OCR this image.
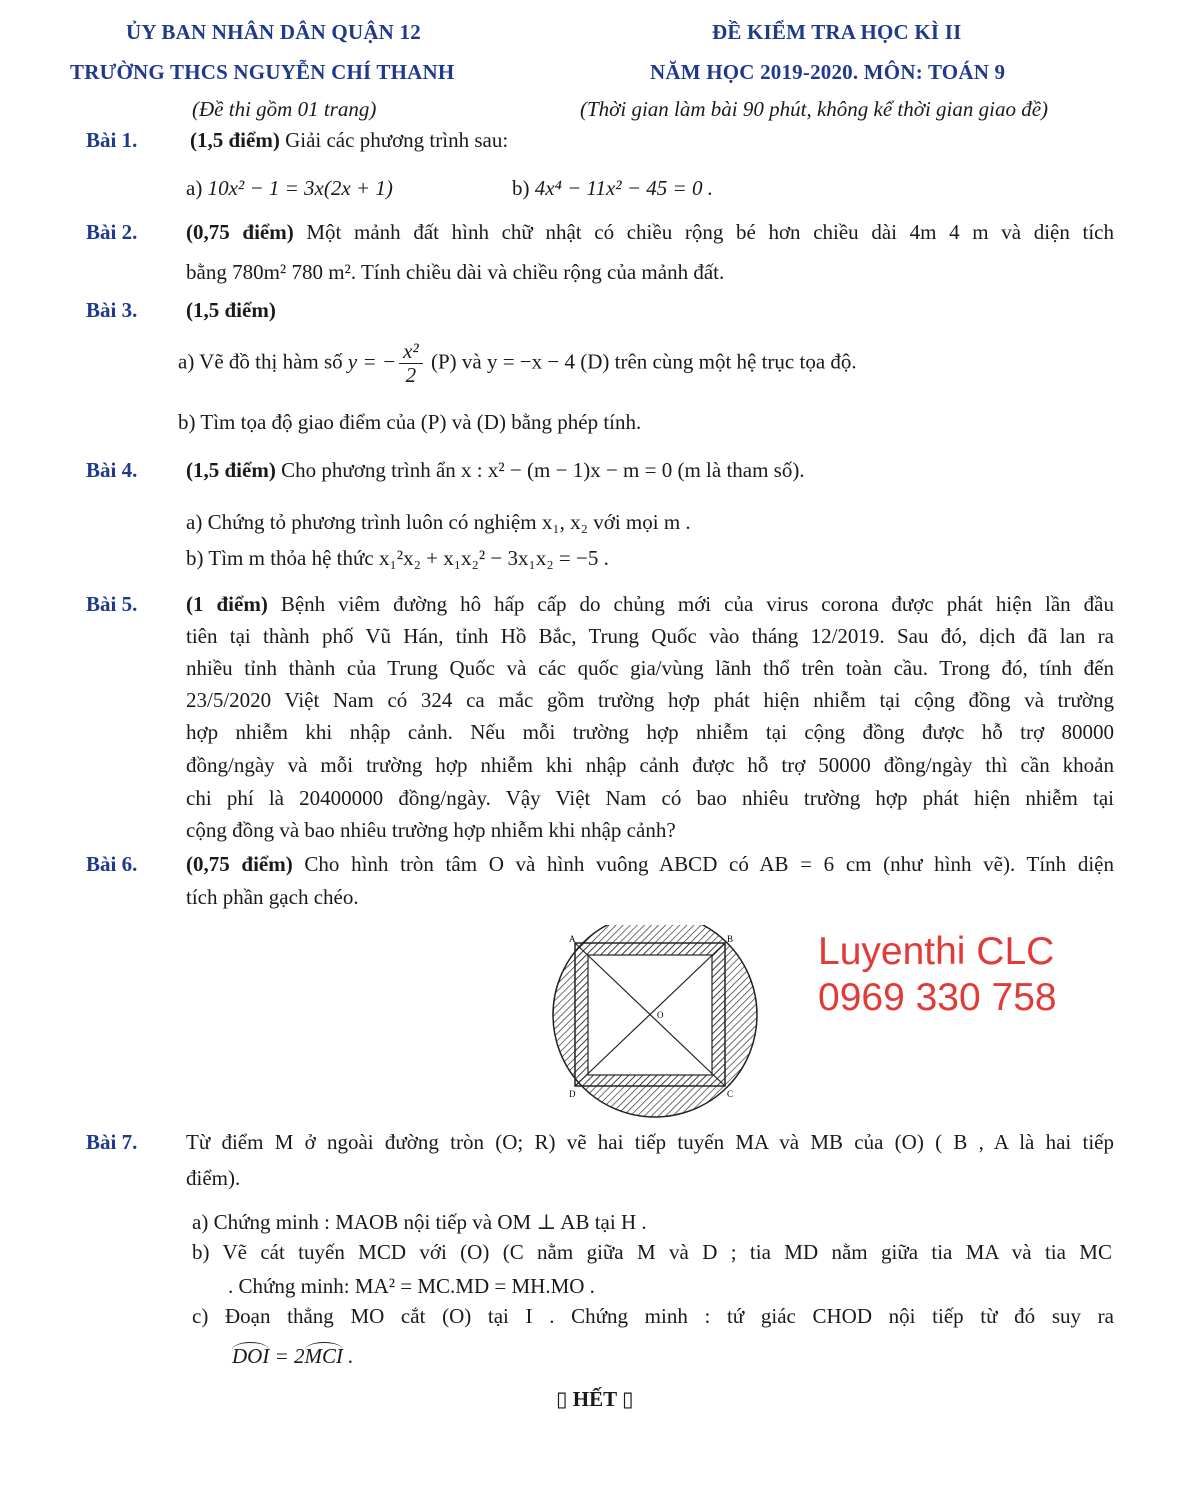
ỦY BAN NHÂN DÂN QUẬN 12
TRƯỜNG THCS NGUYỄN CHÍ THANH
ĐỀ KIỂM TRA HỌC KÌ II
NĂM HỌC 2019-2020. MÔN: TOÁN 9
(Đề thi gồm 01 trang)	(Thời gian làm bài 90 phút, không kể thời gian giao đề)
Bài 1.	(1,5 điểm) Giải các phương trình sau:
a) 10x² − 1 = 3x(2x + 1)	b) 4x⁴ − 11x² − 45 = 0 .
Bài 2. (0,75 điểm) Một mảnh đất hình chữ nhật có chiều rộng bé hơn chiều dài 4m 4 m và diện tích
bằng 780m² 780 m². Tính chiều dài và chiều rộng của mảnh đất.
Bài 3. (1,5 điểm)
a) Vẽ đồ thị hàm số y = − $\frac{\text{x²}}{2} (P)$ và y = −x − 4 (D) trên cùng một hệ trục tọa độ.
b) Tìm tọa độ giao điểm của (P) và (D) bằng phép tính.
Bài 4. (1,5 điểm) Cho phương trình ẩn x : x² − (m − 1)x − m = 0 (m là tham số).
a) Chứng tỏ phương trình luôn có nghiệm x₁, x₂ với mọi m .
b) Tìm m thỏa hệ thức x₁²x₂ + x₁x₂² − 3x₁x₂ = −5 .
Bài 5. (1 điểm) Bệnh viêm đường hô hấp cấp do chủng mới của virus corona được phát hiện lần đầu
tiên tại thành phố Vũ Hán, tỉnh Hồ Bắc, Trung Quốc vào tháng 12/2019. Sau đó, dịch đã lan ra
nhiều tỉnh thành của Trung Quốc và các quốc gia/vùng lãnh thổ trên toàn cầu. Trong đó, tính đến
23/5/2020 Việt Nam có 324 ca mắc gồm trường hợp phát hiện nhiễm tại cộng đồng và trường
hợp nhiễm khi nhập cảnh. Nếu mỗi trường hợp nhiễm tại cộng đồng được hỗ trợ 80000
đồng/ngày và mỗi trường hợp nhiễm khi nhập cảnh được hỗ trợ 50000 đồng/ngày thì cần khoản
chi phí là 20400000 đồng/ngày. Vậy Việt Nam có bao nhiêu trường hợp phát hiện nhiễm tại
cộng đồng và bao nhiêu trường hợp nhiễm khi nhập cảnh?
Bài 6. (0,75 điểm) Cho hình tròn tâm O và hình vuông ABCD có AB = 6 cm (như hình vẽ). Tính diện
tích phần gạch chéo.
A	B
C
D
O
Luyenthi CLC
0969 330 758
Bài 7. Từ điểm M ở ngoài đường tròn (O; R) vẽ hai tiếp tuyến MA và MB của (O) ( B , A là hai tiếp
điểm).
a) Chứng minh : MAOB nội tiếp và OM ⊥ AB tại H .
b) Vẽ cát tuyến MCD với (O) (C nằm giữa M và D ; tia MD nằm giữa tia MA và tia MC
. Chứng minh: MA² = MC.MD = MH.MO .
c) Đoạn thẳng MO cắt (O) tại I . Chứng minh : tứ giác CHOD nội tiếp từ đó suy ra
DOI = 2MCI .
▯ HẾT ▯
